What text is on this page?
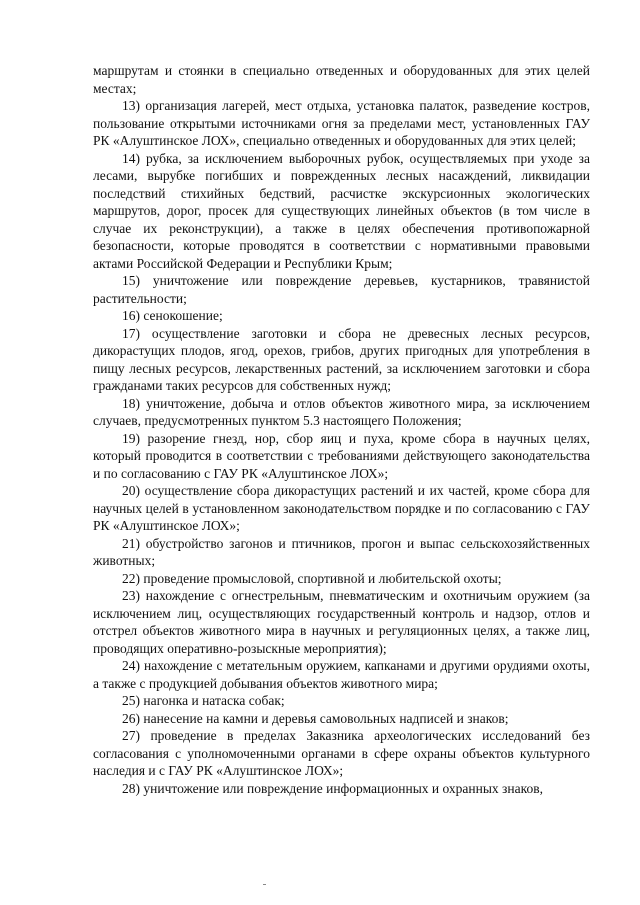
маршрутам и стоянки в специально отведенных и оборудованных для этих целей местах;

13) организация лагерей, мест отдыха, установка палаток, разведение костров, пользование открытыми источниками огня за пределами мест, установленных ГАУ РК «Алуштинское ЛОХ», специально отведенных и оборудованных для этих целей;

14) рубка, за исключением выборочных рубок, осуществляемых при уходе за лесами, вырубке погибших и поврежденных лесных насаждений, ликвидации последствий стихийных бедствий, расчистке экскурсионных экологических маршрутов, дорог, просек для существующих линейных объектов (в том числе в случае их реконструкции), а также в целях обеспечения противопожарной безопасности, которые проводятся в соответствии с нормативными правовыми актами Российской Федерации и Республики Крым;

15) уничтожение или повреждение деревьев, кустарников, травянистой растительности;

16) сенокошение;

17) осуществление заготовки и сбора не древесных лесных ресурсов, дикорастущих плодов, ягод, орехов, грибов, других пригодных для употребления в пищу лесных ресурсов, лекарственных растений, за исключением заготовки и сбора гражданами таких ресурсов для собственных нужд;

18) уничтожение, добыча и отлов объектов животного мира, за исключением случаев, предусмотренных пунктом 5.3 настоящего Положения;

19) разорение гнезд, нор, сбор яиц и пуха, кроме сбора в научных целях, который проводится в соответствии с требованиями действующего законодательства и по согласованию с ГАУ РК «Алуштинское ЛОХ»;

20) осуществление сбора дикорастущих растений и их частей, кроме сбора для научных целей в установленном законодательством порядке и по согласованию с ГАУ РК «Алуштинское ЛОХ»;

21) обустройство загонов и птичников, прогон и выпас сельскохозяйственных животных;

22) проведение промысловой, спортивной и любительской охоты;

23) нахождение с огнестрельным, пневматическим и охотничьим оружием (за исключением лиц, осуществляющих государственный контроль и надзор, отлов и отстрел объектов животного мира в научных и регуляционных целях, а также лиц, проводящих оперативно-розыскные мероприятия);

24) нахождение с метательным оружием, капканами и другими орудиями охоты, а также с продукцией добывания объектов животного мира;

25) нагонка и натаска собак;

26) нанесение на камни и деревья самовольных надписей и знаков;

27) проведение в пределах Заказника археологических исследований без согласования с уполномоченными органами в сфере охраны объектов культурного наследия и с ГАУ РК «Алуштинское ЛОХ»;

28) уничтожение или повреждение информационных и охранных знаков,
